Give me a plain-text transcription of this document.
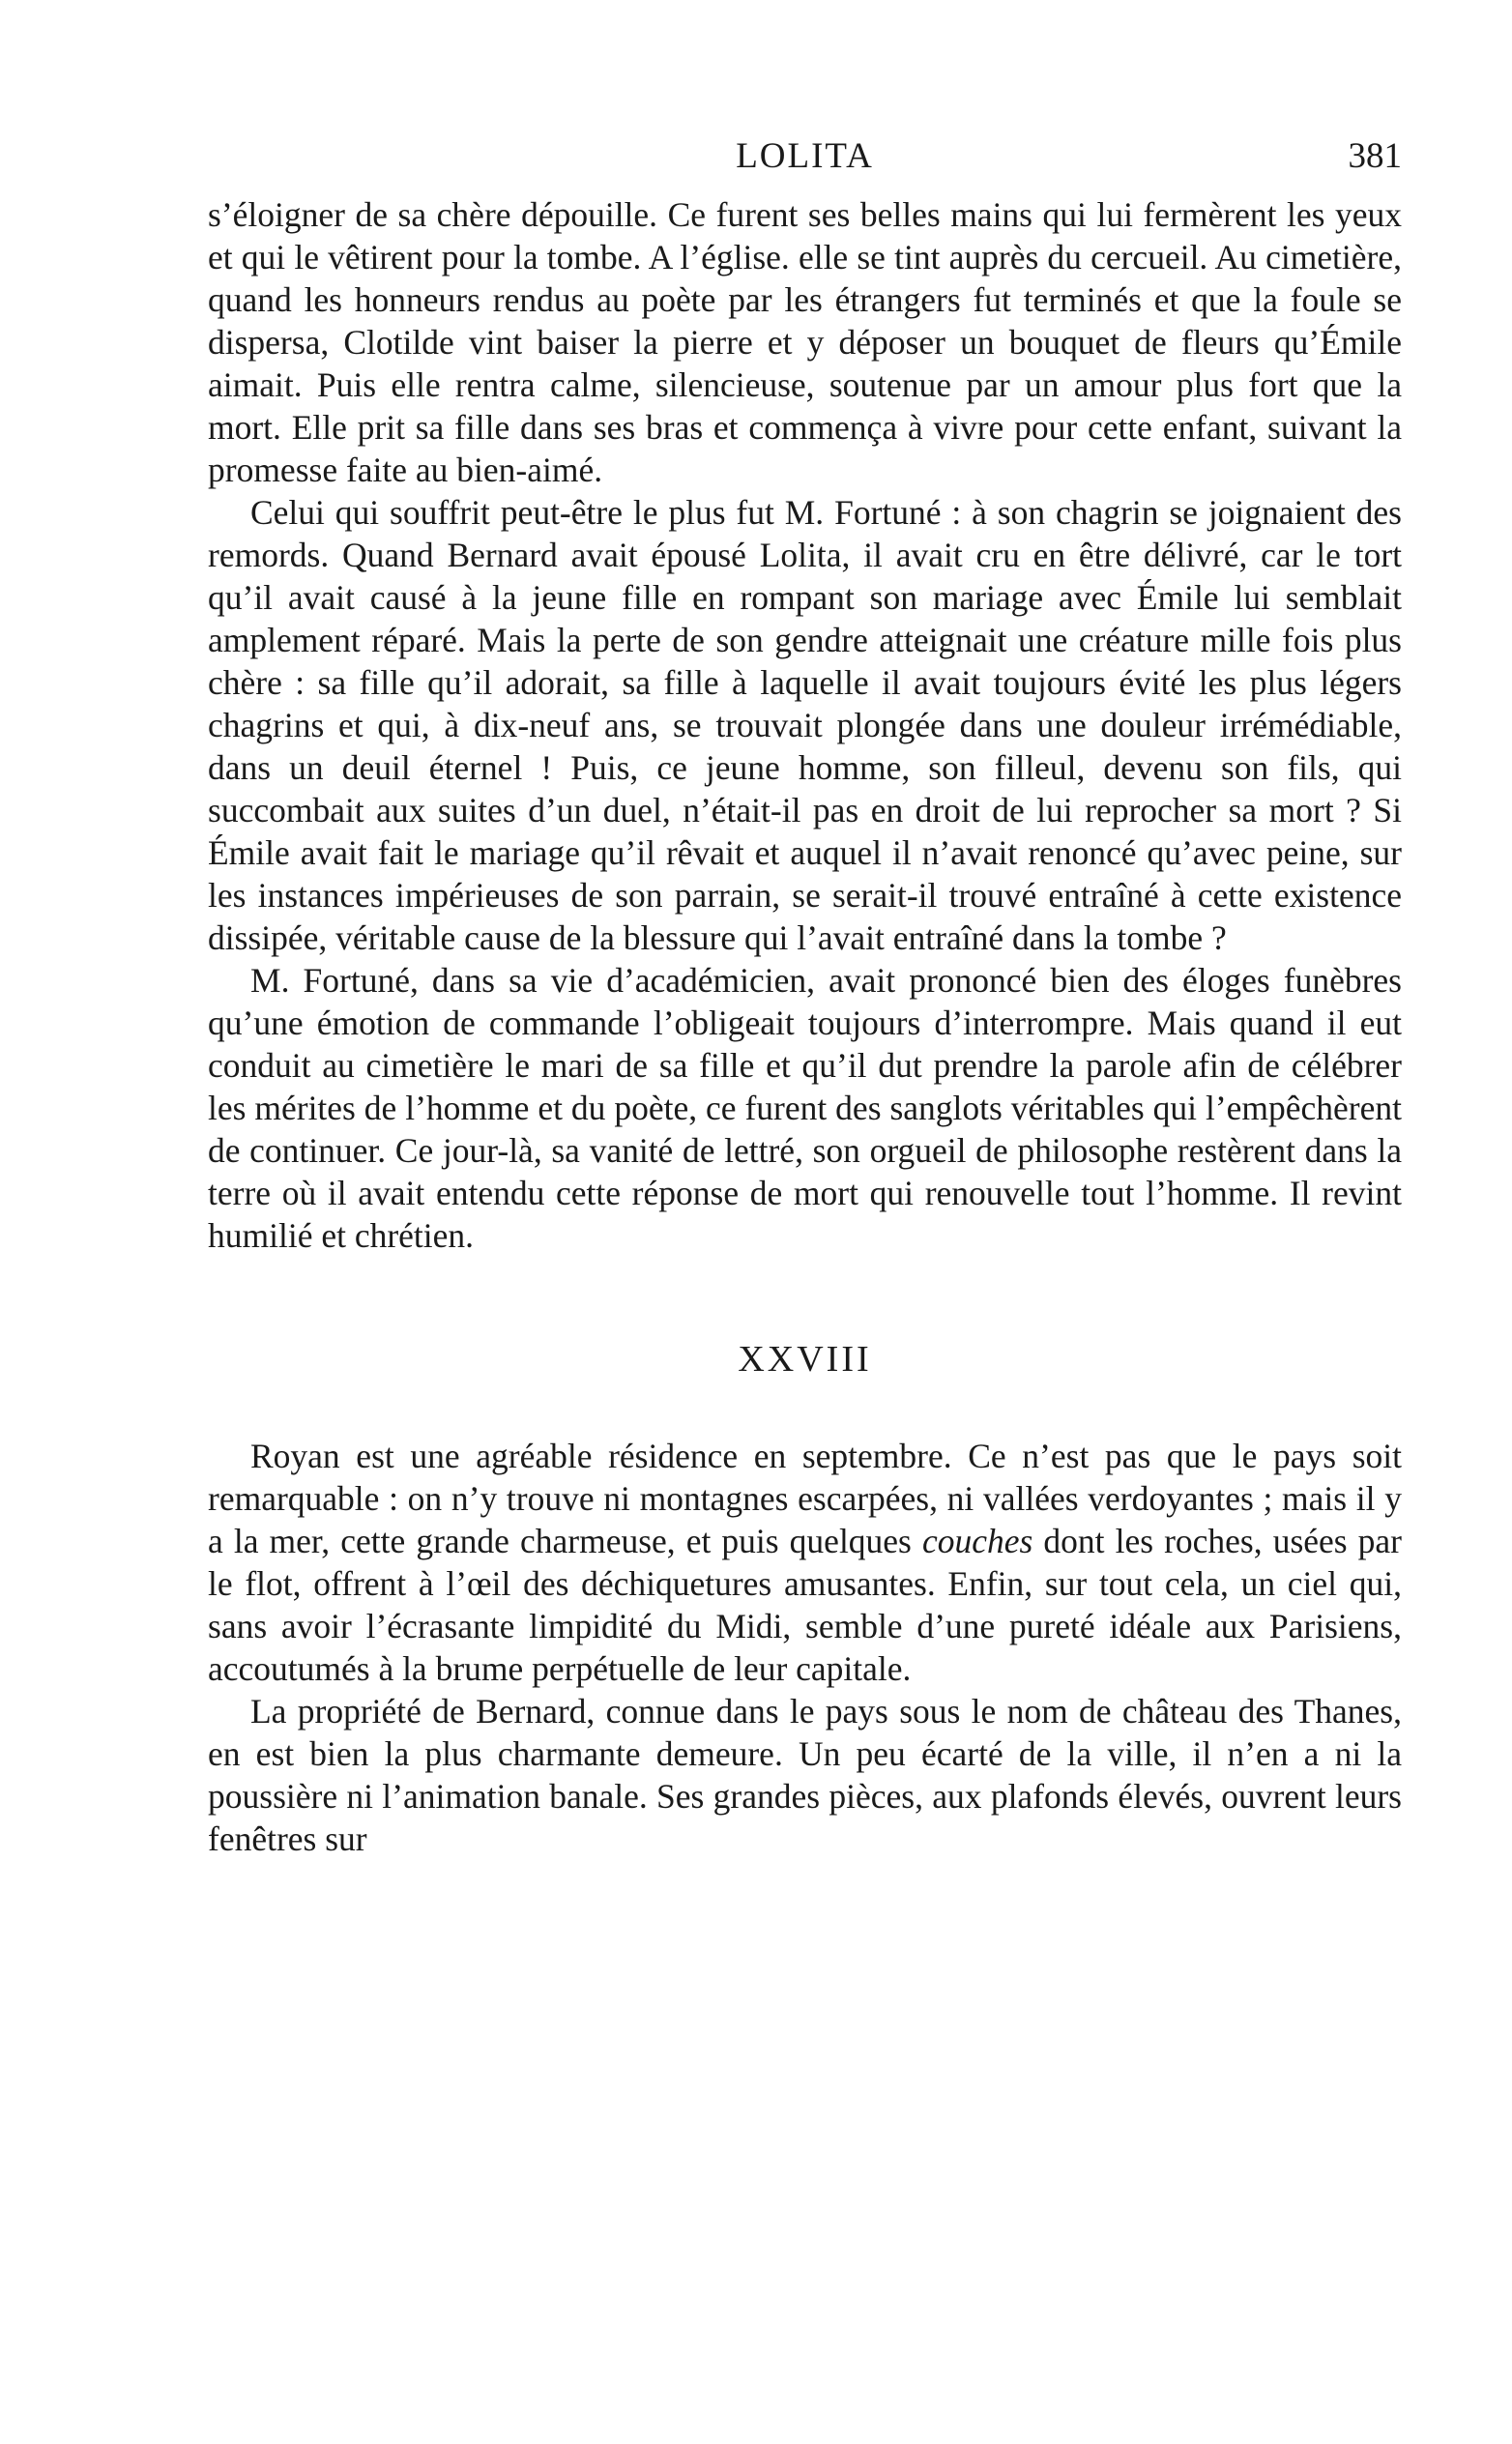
LOLITA	381

s’éloigner de sa chère dépouille. Ce furent ses belles mains qui lui fermèrent les yeux et qui le vêtirent pour la tombe. A l’église. elle se tint auprès du cercueil. Au cimetière, quand les honneurs rendus au poète par les étrangers fut terminés et que la foule se dispersa, Clotilde vint baiser la pierre et y déposer un bouquet de fleurs qu’Émile aimait. Puis elle rentra calme, silencieuse, soutenue par un amour plus fort que la mort. Elle prit sa fille dans ses bras et commença à vivre pour cette enfant, suivant la promesse faite au bien-aimé.

Celui qui souffrit peut-être le plus fut M. Fortuné : à son chagrin se joignaient des remords. Quand Bernard avait épousé Lolita, il avait cru en être délivré, car le tort qu’il avait causé à la jeune fille en rompant son mariage avec Émile lui semblait amplement réparé. Mais la perte de son gendre atteignait une créature mille fois plus chère : sa fille qu’il adorait, sa fille à laquelle il avait toujours évité les plus légers chagrins et qui, à dix-neuf ans, se trouvait plongée dans une douleur irrémédiable, dans un deuil éternel ! Puis, ce jeune homme, son filleul, devenu son fils, qui succombait aux suites d’un duel, n’était-il pas en droit de lui reprocher sa mort ? Si Émile avait fait le mariage qu’il rêvait et auquel il n’avait renoncé qu’avec peine, sur les instances impérieuses de son parrain, se serait-il trouvé entraîné à cette existence dissipée, véritable cause de la blessure qui l’avait entraîné dans la tombe ?

M. Fortuné, dans sa vie d’académicien, avait prononcé bien des éloges funèbres qu’une émotion de commande l’obligeait toujours d’interrompre. Mais quand il eut conduit au cimetière le mari de sa fille et qu’il dut prendre la parole afin de célébrer les mérites de l’homme et du poète, ce furent des sanglots véritables qui l’empêchèrent de continuer. Ce jour-là, sa vanité de lettré, son orgueil de philosophe restèrent dans la terre où il avait entendu cette réponse de mort qui renouvelle tout l’homme. Il revint humilié et chrétien.

XXVIII

Royan est une agréable résidence en septembre. Ce n’est pas que le pays soit remarquable : on n’y trouve ni montagnes escarpées, ni vallées verdoyantes ; mais il y a la mer, cette grande charmeuse, et puis quelques couches dont les roches, usées par le flot, offrent à l’œil des déchiquetures amusantes. Enfin, sur tout cela, un ciel qui, sans avoir l’écrasante limpidité du Midi, semble d’une pureté idéale aux Parisiens, accoutumés à la brume perpétuelle de leur capitale.

La propriété de Bernard, connue dans le pays sous le nom de château des Thanes, en est bien la plus charmante demeure. Un peu écarté de la ville, il n’en a ni la poussière ni l’animation banale. Ses grandes pièces, aux plafonds élevés, ouvrent leurs fenêtres sur
